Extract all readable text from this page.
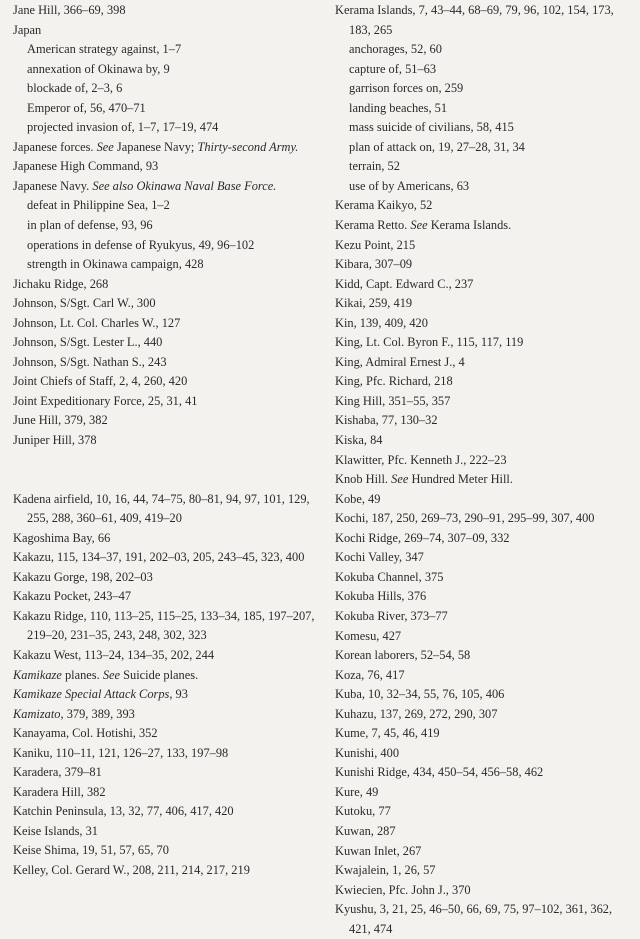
Jane Hill, 366–69, 398
Japan
American strategy against, 1–7
annexation of Okinawa by, 9
blockade of, 2–3, 6
Emperor of, 56, 470–71
projected invasion of, 1–7, 17–19, 474
Japanese forces. See Japanese Navy; Thirty-second Army.
Japanese High Command, 93
Japanese Navy. See also Okinawa Naval Base Force.
defeat in Philippine Sea, 1–2
in plan of defense, 93, 96
operations in defense of Ryukyus, 49, 96–102
strength in Okinawa campaign, 428
Jichaku Ridge, 268
Johnson, S/Sgt. Carl W., 300
Johnson, Lt. Col. Charles W., 127
Johnson, S/Sgt. Lester L., 440
Johnson, S/Sgt. Nathan S., 243
Joint Chiefs of Staff, 2, 4, 260, 420
Joint Expeditionary Force, 25, 31, 41
June Hill, 379, 382
Juniper Hill, 378
Kadena airfield, 10, 16, 44, 74–75, 80–81, 94, 97, 101, 129, 255, 288, 360–61, 409, 419–20
Kagoshima Bay, 66
Kakazu, 115, 134–37, 191, 202–03, 205, 243–45, 323, 400
Kakazu Gorge, 198, 202–03
Kakazu Pocket, 243–47
Kakazu Ridge, 110, 113–25, 115–25, 133–34, 185, 197–207, 219–20, 231–35, 243, 248, 302, 323
Kakazu West, 113–24, 134–35, 202, 244
Kamikaze planes. See Suicide planes.
Kamikaze Special Attack Corps, 93
Kamizato, 379, 389, 393
Kanayama, Col. Hotishi, 352
Kaniku, 110–11, 121, 126–27, 133, 197–98
Karadera, 379–81
Karadera Hill, 382
Katchin Peninsula, 13, 32, 77, 406, 417, 420
Keise Islands, 31
Keise Shima, 19, 51, 57, 65, 70
Kelley, Col. Gerard W., 208, 211, 214, 217, 219
Kerama Islands, 7, 43–44, 68–69, 79, 96, 102, 154, 173, 183, 265
anchorages, 52, 60
capture of, 51–63
garrison forces on, 259
landing beaches, 51
mass suicide of civilians, 58, 415
plan of attack on, 19, 27–28, 31, 34
terrain, 52
use of by Americans, 63
Kerama Kaikyo, 52
Kerama Retto. See Kerama Islands.
Kezu Point, 215
Kibara, 307–09
Kidd, Capt. Edward C., 237
Kikai, 259, 419
Kin, 139, 409, 420
King, Lt. Col. Byron F., 115, 117, 119
King, Admiral Ernest J., 4
King, Pfc. Richard, 218
King Hill, 351–55, 357
Kishaba, 77, 130–32
Kiska, 84
Klawitter, Pfc. Kenneth J., 222–23
Knob Hill. See Hundred Meter Hill.
Kobe, 49
Kochi, 187, 250, 269–73, 290–91, 295–99, 307, 400
Kochi Ridge, 269–74, 307–09, 332
Kochi Valley, 347
Kokuba Channel, 375
Kokuba Hills, 376
Kokuba River, 373–77
Komesu, 427
Korean laborers, 52–54, 58
Koza, 76, 417
Kuba, 10, 32–34, 55, 76, 105, 406
Kuhazu, 137, 269, 272, 290, 307
Kume, 7, 45, 46, 419
Kunishi, 400
Kunishi Ridge, 434, 450–54, 456–58, 462
Kure, 49
Kutoku, 77
Kuwan, 287
Kuwan Inlet, 267
Kwajalein, 1, 26, 57
Kwiecien, Pfc. John J., 370
Kyushu, 3, 21, 25, 46–50, 66, 69, 75, 97–102, 361, 362, 421, 474
